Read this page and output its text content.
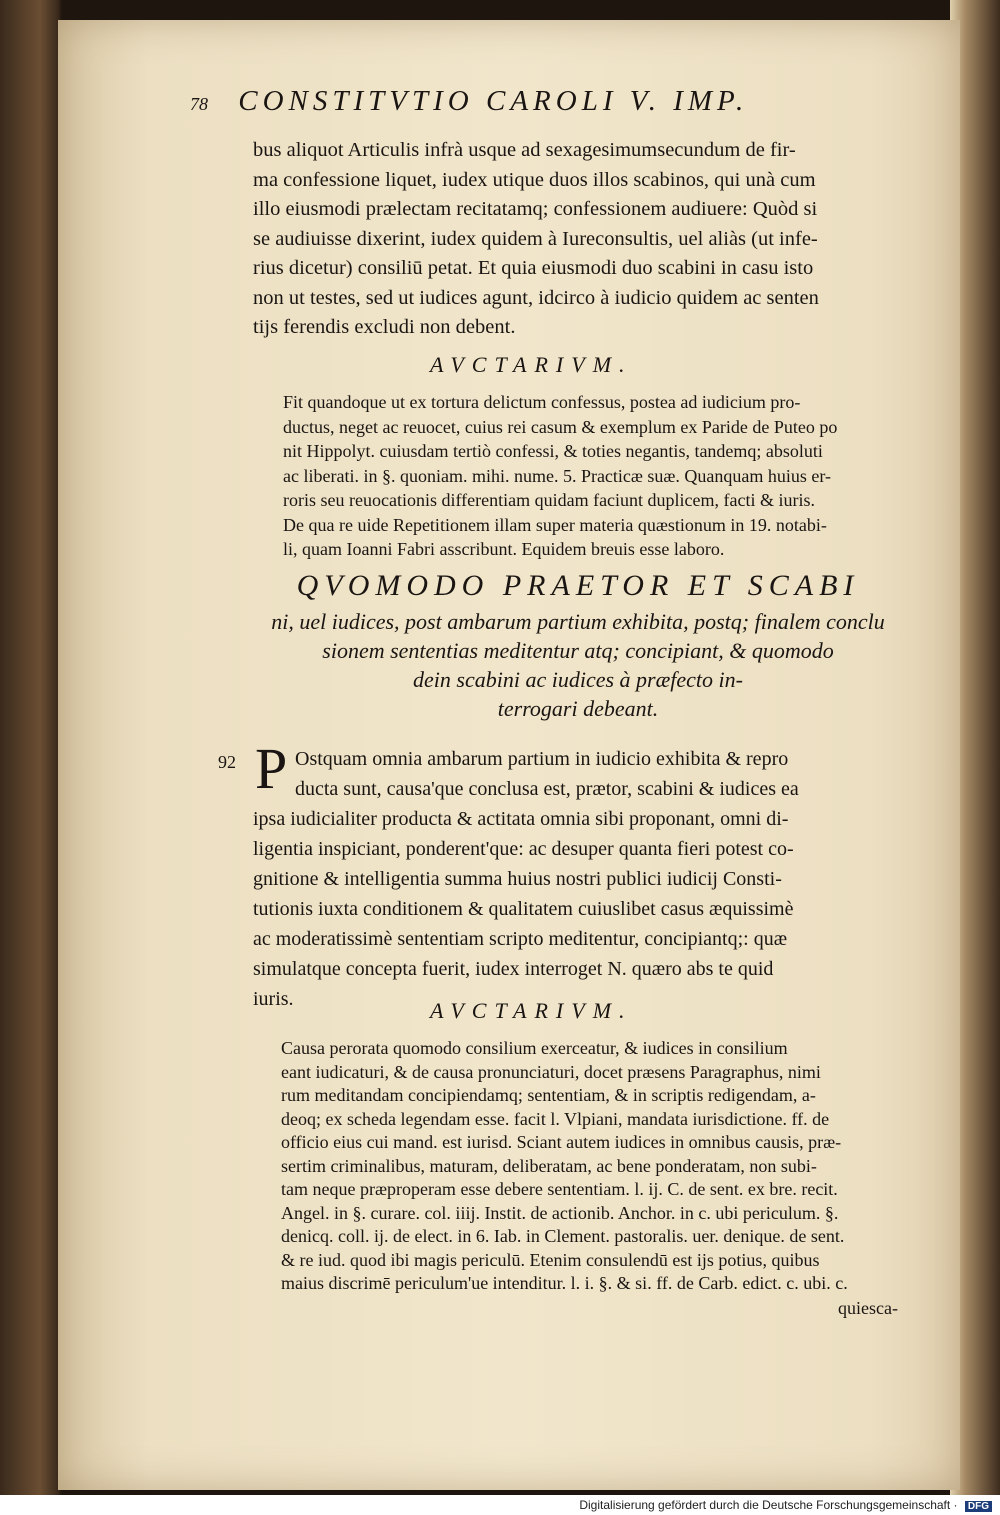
78 CONSTITVTIO CAROLI V. IMP.
bus aliquot Articulis infrà usque ad sexagesimumsecundum de fir-
ma confessione liquet, iudex utique duos illos scabinos, qui unà cum
illo eiusmodi prælectam recitatamq; confessionem audiuere: Quòd si
se audiuisse dixerint, iudex quidem à Iureconsultis, uel aliàs (ut infe-
rius dicetur) consiliū petat. Et quia eiusmodi duo scabini in casu isto
non ut testes, sed ut iudices agunt, idcirco à iudicio quidem ac senten
tijs ferendis excludi non debent.
AVCTARIVM.
Fit quandoque ut ex tortura delictum confessus, postea ad iudicium pro-
ductus, neget ac reuocet, cuius rei casum & exemplum ex Paride de Puteo po
nit Hippolyt. cuiusdam tertiò confessi, & toties negantis, tandemq; absoluti
ac liberati. in §. quoniam. mihi. nume. 5. Practicæ suæ. Quanquam huius er-
roris seu reuocationis differentiam quidam faciunt duplicem, facti & iuris.
De qua re uide Repetitionem illam super materia quæstionum in 19. notabi-
li, quam Ioanni Fabri asscribunt. Equidem breuis esse laboro.
QVOMODO PRAETOR ET SCABI
ni, uel iudices, post ambarum partium exhibita, postq; finalem conclu
sionem sententias meditentur atq; concipiant, & quomodo
dein scabini ac iudices à præfecto in-
terrogari debeant.
92 P Ostquam omnia ambarum partium in iudicio exhibita & repro
ducta sunt, causa'que conclusa est, prætor, scabini & iudices ea
ipsa iudicialiter producta & actitata omnia sibi proponant, omni di-
ligentia inspiciant, ponderent'que: ac desuper quanta fieri potest co-
gnitione & intelligentia summa huius nostri publici iudicij Consti-
tutionis iuxta conditionem & qualitatem cuiuslibet casus æquissimè
ac moderatissimè sententiam scripto meditentur, concipiantq;: quæ
simulatque concepta fuerit, iudex interroget N. quæro abs te quid
iuris.	AVCTARIVM.
Causa perorata quomodo consilium exerceatur, & iudices in consilium
eant iudicaturi, & de causa pronunciaturi, docet præsens Paragraphus, nimi
rum meditandam concipiendamq; sententiam, & in scriptis redigendam, a-
deoq; ex scheda legendam esse. facit l. Vlpiani, mandata iurisdictione. ff. de
officio eius cui mand. est iurisd. Sciant autem iudices in omnibus causis, præ-
sertim criminalibus, maturam, deliberatam, ac bene ponderatam, non subi-
tam neque præproperam esse debere sententiam. l. ij. C. de sent. ex bre. recit.
Angel. in §. curare. col. iiij. Instit. de actionib. Anchor. in c. ubi periculum. §.
denicq. coll. ij. de elect. in 6. Iab. in Clement. pastoralis. uer. denique. de sent.
& re iud. quod ibi magis periculū. Etenim consulendū est ijs potius, quibus
maius discrimē periculum'ue intenditur. l. i. §. & si. ff. de Carb. edict. c. ubi. c.
quiesca-
Digitalisierung gefördert durch die Deutsche Forschungsgemeinschaft · DFG
